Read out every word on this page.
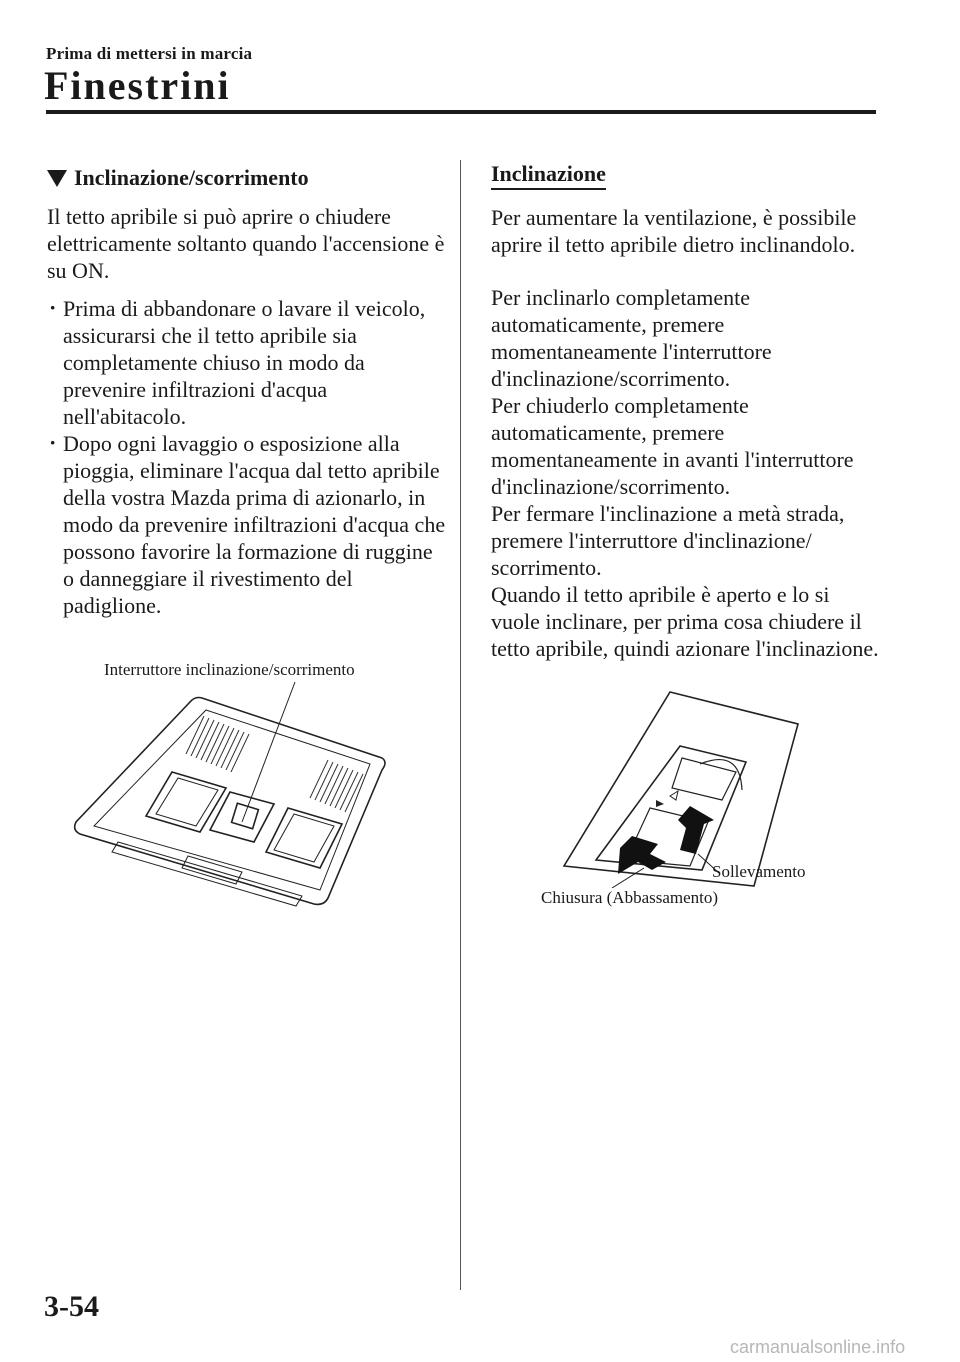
Prima di mettersi in marcia
Finestrini
Inclinazione/scorrimento

Il tetto apribile si può aprire o chiudere elettricamente soltanto quando l'accensione è su ON.

· Prima di abbandonare o lavare il veicolo, assicurarsi che il tetto apribile sia completamente chiuso in modo da prevenire infiltrazioni d'acqua nell'abitacolo.
· Dopo ogni lavaggio o esposizione alla pioggia, eliminare l'acqua dal tetto apribile della vostra Mazda prima di azionarlo, in modo da prevenire infiltrazioni d'acqua che possono favorire la formazione di ruggine o danneggiare il rivestimento del padiglione.
Interruttore inclinazione/scorrimento
Inclinazione

Per aumentare la ventilazione, è possibile aprire il tetto apribile dietro inclinandolo.

Per inclinarlo completamente automaticamente, premere momentaneamente l'interruttore d'inclinazione/scorrimento.

Per chiuderlo completamente automaticamente, premere momentaneamente in avanti l'interruttore d'inclinazione/scorrimento.

Per fermare l'inclinazione a metà strada, premere l'interruttore d'inclinazione/ scorrimento.

Quando il tetto apribile è aperto e lo si vuole inclinare, per prima cosa chiudere il tetto apribile, quindi azionare l'inclinazione.

Sollevamento
Chiusura (Abbassamento)
3-54
carmanualsonline.info
